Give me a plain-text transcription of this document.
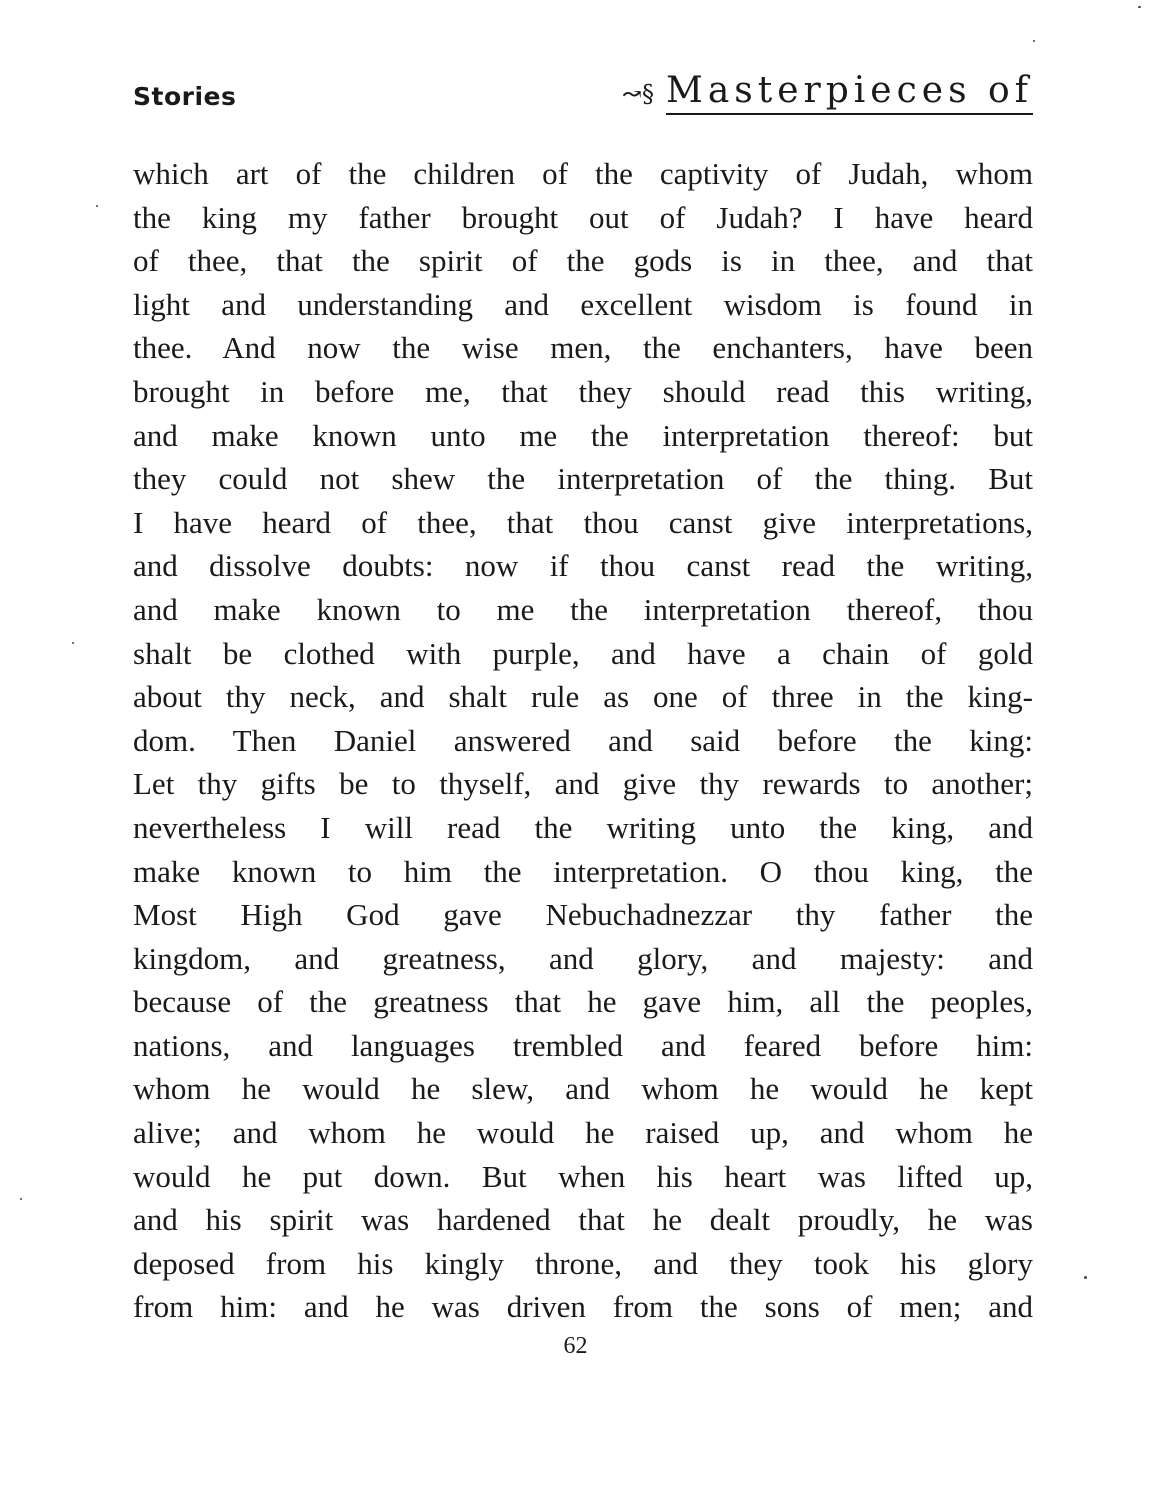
Stories	↝§ Masterpieces of
which art of the children of the captivity of Judah, whom
the king my father brought out of Judah? I have heard
of thee, that the spirit of the gods is in thee, and that
light and understanding and excellent wisdom is found in
thee. And now the wise men, the enchanters, have been
brought in before me, that they should read this writing,
and make known unto me the interpretation thereof: but
they could not shew the interpretation of the thing. But
I have heard of thee, that thou canst give interpretations,
and dissolve doubts: now if thou canst read the writing,
and make known to me the interpretation thereof, thou
shalt be clothed with purple, and have a chain of gold
about thy neck, and shalt rule as one of three in the king-
dom. Then Daniel answered and said before the king:
Let thy gifts be to thyself, and give thy rewards to another;
nevertheless I will read the writing unto the king, and
make known to him the interpretation. O thou king, the
Most High God gave Nebuchadnezzar thy father the
kingdom, and greatness, and glory, and majesty: and
because of the greatness that he gave him, all the peoples,
nations, and languages trembled and feared before him:
whom he would he slew, and whom he would he kept
alive; and whom he would he raised up, and whom he
would he put down. But when his heart was lifted up,
and his spirit was hardened that he dealt proudly, he was
deposed from his kingly throne, and they took his glory
from him: and he was driven from the sons of men; and
62
